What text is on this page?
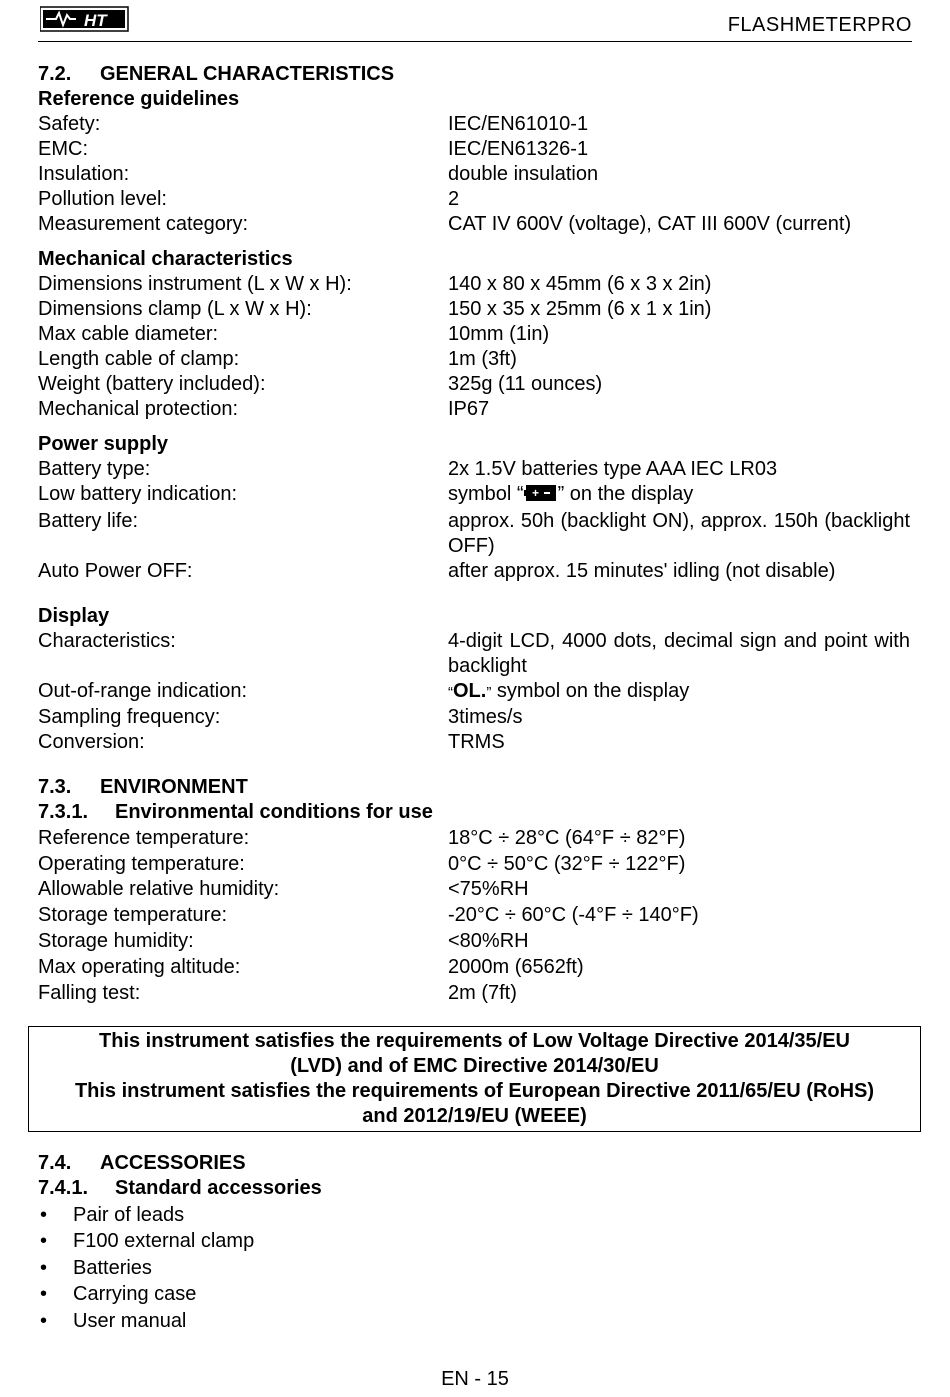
HT	FLASHMETERPRO
7.2. GENERAL CHARACTERISTICS
Reference guidelines
Safety:	IEC/EN61010-1
EMC:	IEC/EN61326-1
Insulation:	double insulation
Pollution level:	2
Measurement category:	CAT IV 600V (voltage), CAT III 600V (current)
Mechanical characteristics
Dimensions instrument (L x W x H):	140 x 80 x 45mm (6 x 3 x 2in)
Dimensions clamp (L x W x H):	150 x 35 x 25mm (6 x 1 x 1in)
Max cable diameter:	10mm (1in)
Length cable of clamp:	1m (3ft)
Weight (battery included):	325g (11 ounces)
Mechanical protection:	IP67
Power supply
Battery type:	2x 1.5V batteries type AAA IEC LR03
Low battery indication:	symbol “ + ” on the display
Battery life:	approx. 50h (backlight ON), approx. 150h (backlight OFF)
Auto Power OFF:	after approx. 15 minutes' idling (not disable)
Display
Characteristics:	4-digit LCD, 4000 dots, decimal sign and point with backlight
Out-of-range indication:	“OL.” symbol on the display
Sampling frequency:	3times/s
Conversion:	TRMS
7.3. ENVIRONMENT
7.3.1. Environmental conditions for use
Reference temperature:	18°C ÷ 28°C (64°F ÷ 82°F)
Operating temperature:	0°C ÷ 50°C (32°F ÷ 122°F)
Allowable relative humidity:	<75%RH
Storage temperature:	-20°C ÷ 60°C (-4°F ÷ 140°F)
Storage humidity:	<80%RH
Max operating altitude:	2000m (6562ft)
Falling test:	2m (7ft)
This instrument satisfies the requirements of Low Voltage Directive 2014/35/EU
(LVD) and of EMC Directive 2014/30/EU
This instrument satisfies the requirements of European Directive 2011/65/EU (RoHS)
and 2012/19/EU (WEEE)
7.4. ACCESSORIES
7.4.1. Standard accessories
•	Pair of leads
•	F100 external clamp
•	Batteries
•	Carrying case
•	User manual
EN - 15
